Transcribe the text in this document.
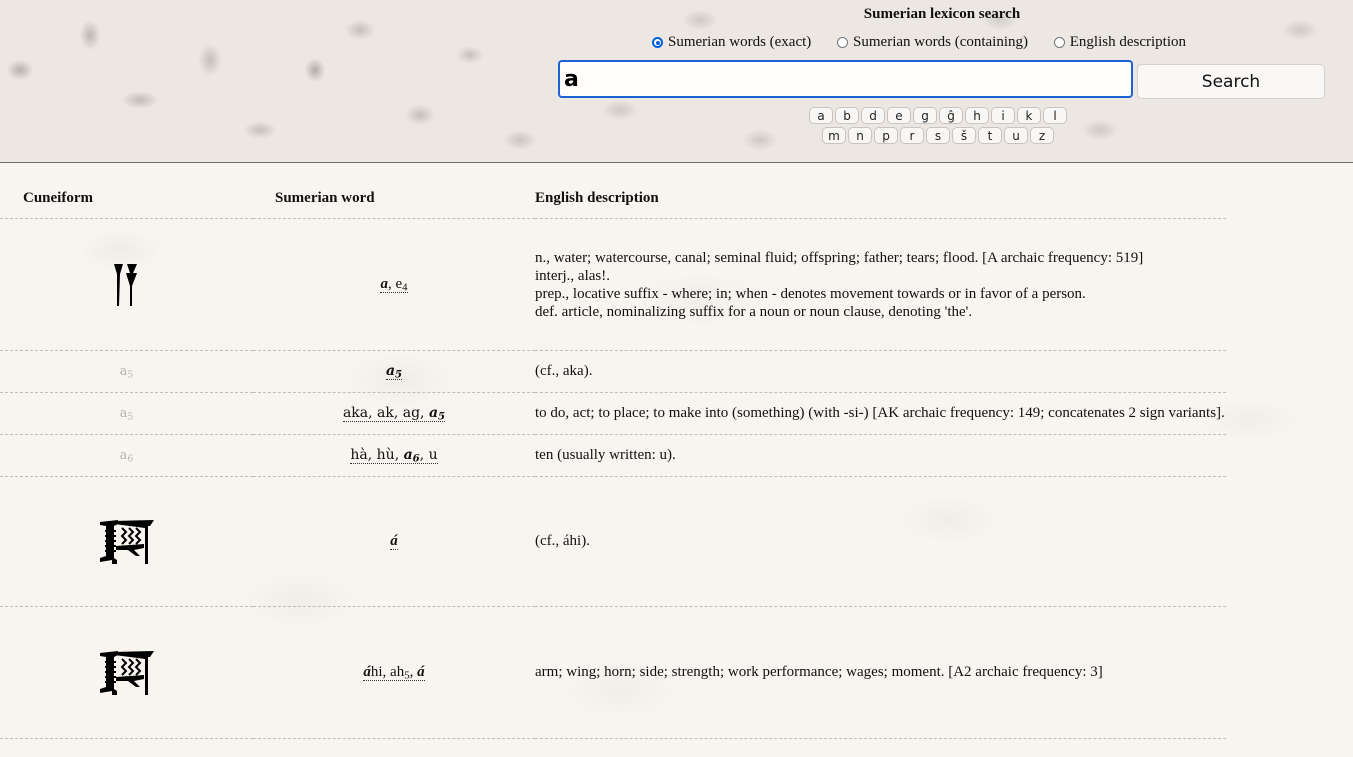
Sumerian lexicon search
Sumerian words (exact)
	Sumerian words (containing)
	English description
a
Search
a b d e g ĝ h i k l
m n p r s š t u z
Cuneiform	Sumerian word	English description

	a, $e_4$	n., water; watercourse, canal; seminal fluid; offspring; father; tears; flood. [A archaic frequency: 519]
interj., alas!.
prep., locative suffix - where; in; when - denotes movement towards or in favor of a person.
def. article, nominalizing suffix for a noun or noun clause, denoting 'the'.

$a_5$	$a_5$	(cf., aka).
$a_5$	aka, ak, ag, $a_5$	to do, act; to place; to make into (something) (with -si-) [AK archaic frequency: 149; concatenates 2 sign variants].
$a_6$	hà, hù, $a_6$, u	ten (usually written: u).

	á	(cf., áhi).

	áhi, $ah_5$, á	arm; wing; horn; side; strength; work performance; wages; moment. [A2 archaic frequency: 3]
